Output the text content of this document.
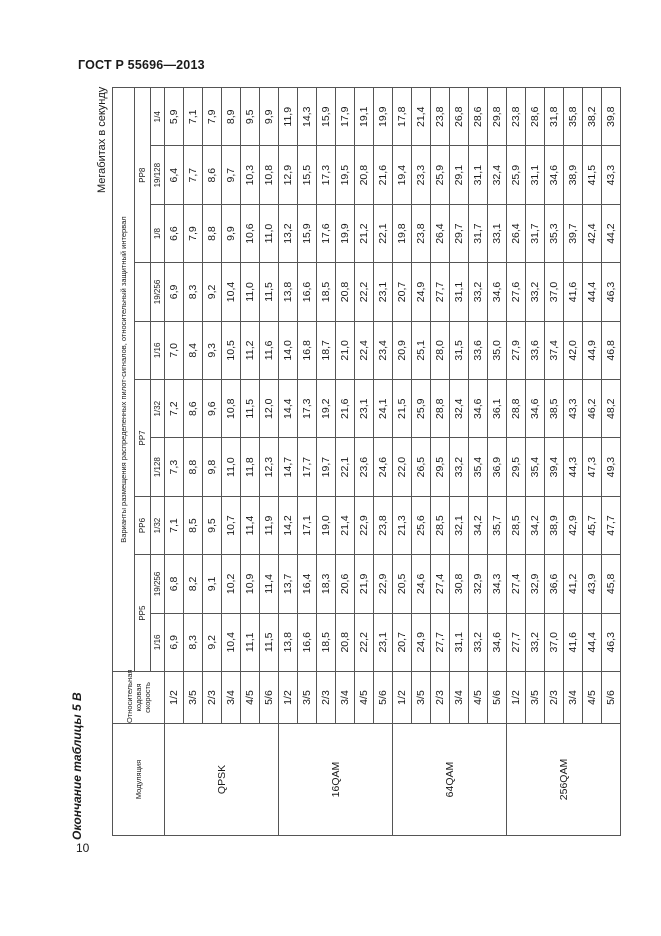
ГОСТ Р 55696—2013
Окончание таблицы 5 В
Мегабитах в секунду
10
Модуляция	Относительная кодовая скорость	Варианты размещения распределенных пилот-сигналов, относительный защитный интервал									
		PP5		PP6	PP7				PP8		
		1/16	19/256	1/32	1/128	1/32	1/16	19/256	1/8	19/128	1/4
QPSK	1/2	6,9	6,8	7,1	7,3	7,2	7,0	6,9	6,6	6,4	5,9
	3/5	8,3	8,2	8,5	8,8	8,6	8,4	8,3	7,9	7,7	7,1
	2/3	9,2	9,1	9,5	9,8	9,6	9,3	9,2	8,8	8,6	7,9
	3/4	10,4	10,2	10,7	11,0	10,8	10,5	10,4	9,9	9,7	8,9
	4/5	11,1	10,9	11,4	11,8	11,5	11,2	11,0	10,6	10,3	9,5
	5/6	11,5	11,4	11,9	12,3	12,0	11,6	11,5	11,0	10,8	9,9
16QAM	1/2	13,8	13,7	14,2	14,7	14,4	14,0	13,8	13,2	12,9	11,9
	3/5	16,6	16,4	17,1	17,7	17,3	16,8	16,6	15,9	15,5	14,3
	2/3	18,5	18,3	19,0	19,7	19,2	18,7	18,5	17,6	17,3	15,9
	3/4	20,8	20,6	21,4	22,1	21,6	21,0	20,8	19,9	19,5	17,9
	4/5	22,2	21,9	22,9	23,6	23,1	22,4	22,2	21,2	20,8	19,1
	5/6	23,1	22,9	23,8	24,6	24,1	23,4	23,1	22,1	21,6	19,9
64QAM	1/2	20,7	20,5	21,3	22,0	21,5	20,9	20,7	19,8	19,4	17,8
	3/5	24,9	24,6	25,6	26,5	25,9	25,1	24,9	23,8	23,3	21,4
	2/3	27,7	27,4	28,5	29,5	28,8	28,0	27,7	26,4	25,9	23,8
	3/4	31,1	30,8	32,1	33,2	32,4	31,5	31,1	29,7	29,1	26,8
	4/5	33,2	32,9	34,2	35,4	34,6	33,6	33,2	31,7	31,1	28,6
	5/6	34,6	34,3	35,7	36,9	36,1	35,0	34,6	33,1	32,4	29,8
256QAM	1/2	27,7	27,4	28,5	29,5	28,8	27,9	27,6	26,4	25,9	23,8
	3/5	33,2	32,9	34,2	35,4	34,6	33,6	33,2	31,7	31,1	28,6
	2/3	37,0	36,6	38,9	39,4	38,5	37,4	37,0	35,3	34,6	31,8
	3/4	41,6	41,2	42,9	44,3	43,3	42,0	41,6	39,7	38,9	35,8
	4/5	44,4	43,9	45,7	47,3	46,2	44,9	44,4	42,4	41,5	38,2
	5/6	46,3	45,8	47,7	49,3	48,2	46,8	46,3	44,2	43,3	39,8
